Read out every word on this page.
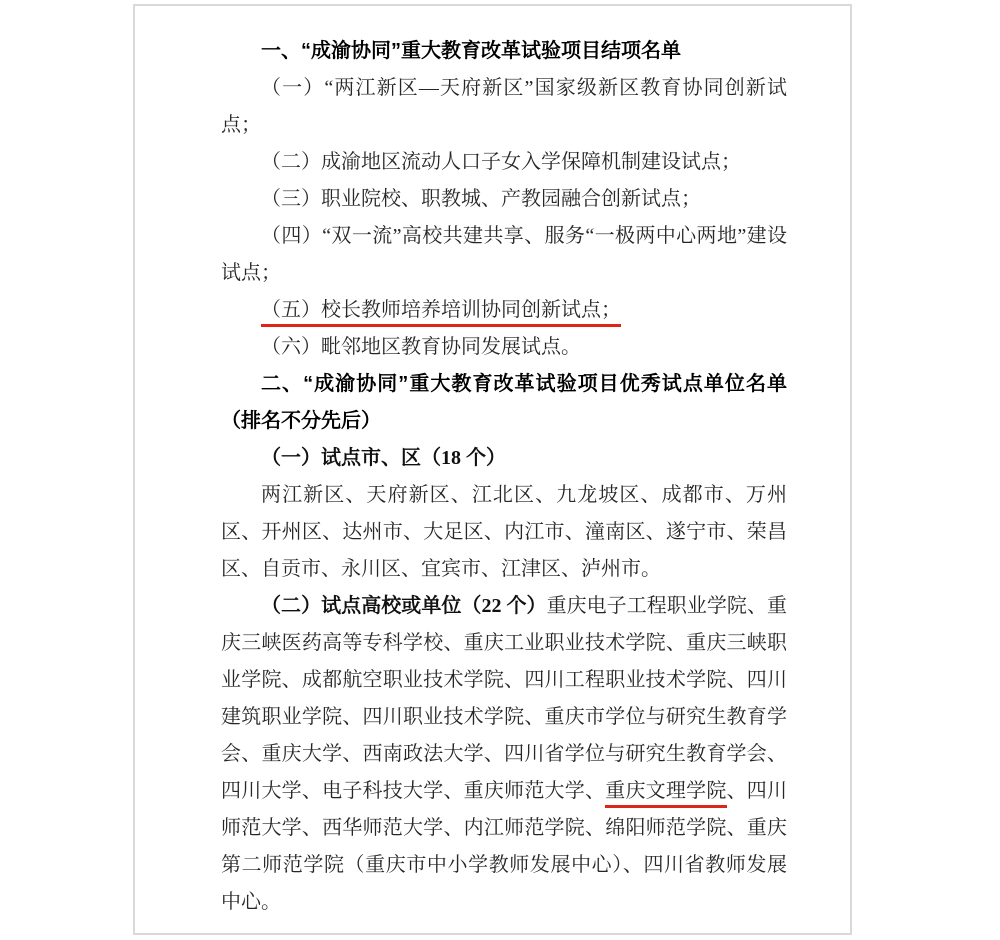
一、“成渝协同”重大教育改革试验项目结项名单

（一）“两江新区—天府新区”国家级新区教育协同创新试点；

（二）成渝地区流动人口子女入学保障机制建设试点；

（三）职业院校、职教城、产教园融合创新试点；

（四）“双一流”高校共建共享、服务“一极两中心两地”建设试点；

（五）校长教师培养培训协同创新试点；

（六）毗邻地区教育协同发展试点。

二、“成渝协同”重大教育改革试验项目优秀试点单位名单（排名不分先后）

（一）试点市、区（18 个）

两江新区、天府新区、江北区、九龙坡区、成都市、万州区、开州区、达州市、大足区、内江市、潼南区、遂宁市、荣昌区、自贡市、永川区、宜宾市、江津区、泸州市。

（二）试点高校或单位（22 个）重庆电子工程职业学院、重庆三峡医药高等专科学校、重庆工业职业技术学院、重庆三峡职业学院、成都航空职业技术学院、四川工程职业技术学院、四川建筑职业学院、四川职业技术学院、重庆市学位与研究生教育学会、重庆大学、西南政法大学、四川省学位与研究生教育学会、四川大学、电子科技大学、重庆师范大学、重庆文理学院、四川师范大学、西华师范大学、内江师范学院、绵阳师范学院、重庆第二师范学院（重庆市中小学教师发展中心）、四川省教师发展中心。
